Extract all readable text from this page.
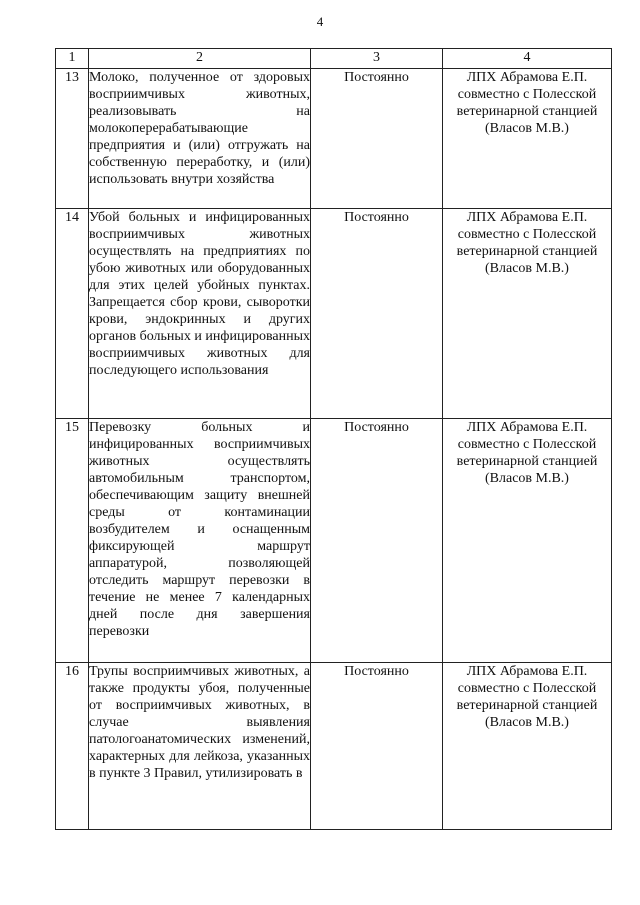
4
1	2	3	4
13	Молоко, полученное от здоровых восприимчивых животных, реализовывать на молокоперерабатывающие предприятия и (или) отгружать на собственную переработку, и (или) использовать внутри хозяйства	Постоянно	ЛПХ Абрамова Е.П. совместно с Полесской ветеринарной станцией (Власов М.В.)
14	Убой больных и инфицированных восприимчивых животных осуществлять на предприятиях по убою животных или оборудованных для этих целей убойных пунктах. Запрещается сбор крови, сыворотки крови, эндокринных и других органов больных и инфицированных восприимчивых животных для последующего использования	Постоянно	ЛПХ Абрамова Е.П. совместно с Полесской ветеринарной станцией (Власов М.В.)
15	Перевозку больных и инфицированных восприимчивых животных осуществлять автомобильным транспортом, обеспечивающим защиту внешней среды от контаминации возбудителем и оснащенным фиксирующей маршрут аппаратурой, позволяющей отследить маршрут перевозки в течение не менее 7 календарных дней после дня завершения перевозки	Постоянно	ЛПХ Абрамова Е.П. совместно с Полесской ветеринарной станцией (Власов М.В.)
16	Трупы восприимчивых животных, а также продукты убоя, полученные от восприимчивых животных, в случае выявления патологоанатомических изменений, характерных для лейкоза, указанных в пункте 3 Правил, утилизировать в	Постоянно	ЛПХ Абрамова Е.П. совместно с Полесской ветеринарной станцией (Власов М.В.)
